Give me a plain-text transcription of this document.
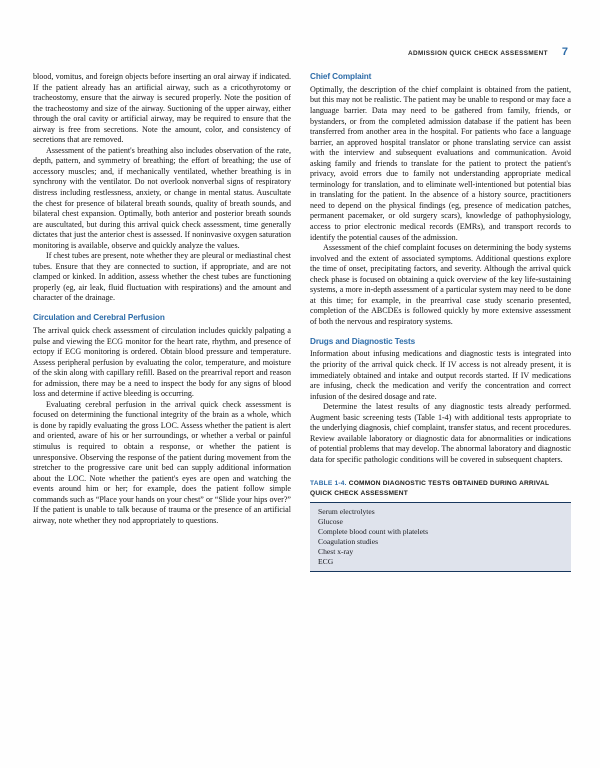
ADMISSION QUICK CHECK ASSESSMENT 7

blood, vomitus, and foreign objects before inserting an oral airway if indicated. If the patient already has an artificial airway, such as a cricothyrotomy or tracheostomy, ensure that the airway is secured properly. Note the position of the tracheostomy and size of the airway. Suctioning of the upper airway, either through the oral cavity or artificial airway, may be required to ensure that the airway is free from secretions. Note the amount, color, and consistency of secretions that are removed.

Assessment of the patient's breathing also includes observation of the rate, depth, pattern, and symmetry of breathing; the effort of breathing; the use of accessory muscles; and, if mechanically ventilated, whether breathing is in synchrony with the ventilator. Do not overlook nonverbal signs of respiratory distress including restlessness, anxiety, or change in mental status. Auscultate the chest for presence of bilateral breath sounds, quality of breath sounds, and bilateral chest expansion. Optimally, both anterior and posterior breath sounds are auscultated, but during this arrival quick check assessment, time generally dictates that just the anterior chest is assessed. If noninvasive oxygen saturation monitoring is available, observe and quickly analyze the values.

If chest tubes are present, note whether they are pleural or mediastinal chest tubes. Ensure that they are connected to suction, if appropriate, and are not clamped or kinked. In addition, assess whether the chest tubes are functioning properly (eg, air leak, fluid fluctuation with respirations) and the amount and character of the drainage.

Circulation and Cerebral Perfusion

The arrival quick check assessment of circulation includes quickly palpating a pulse and viewing the ECG monitor for the heart rate, rhythm, and presence of ectopy if ECG monitoring is ordered. Obtain blood pressure and temperature. Assess peripheral perfusion by evaluating the color, temperature, and moisture of the skin along with capillary refill. Based on the prearrival report and reason for admission, there may be a need to inspect the body for any signs of blood loss and determine if active bleeding is occurring.

Evaluating cerebral perfusion in the arrival quick check assessment is focused on determining the functional integrity of the brain as a whole, which is done by rapidly evaluating the gross LOC. Assess whether the patient is alert and oriented, aware of his or her surroundings, or whether a verbal or painful stimulus is required to obtain a response, or whether the patient is unresponsive. Observing the response of the patient during movement from the stretcher to the progressive care unit bed can supply additional information about the LOC. Note whether the patient's eyes are open and watching the events around him or her; for example, does the patient follow simple commands such as “Place your hands on your chest” or “Slide your hips over?” If the patient is unable to talk because of trauma or the presence of an artificial airway, note whether they nod appropriately to questions.

Chief Complaint

Optimally, the description of the chief complaint is obtained from the patient, but this may not be realistic. The patient may be unable to respond or may face a language barrier. Data may need to be gathered from family, friends, or bystanders, or from the completed admission database if the patient has been transferred from another area in the hospital. For patients who face a language barrier, an approved hospital translator or phone translating service can assist with the interview and subsequent evaluations and communication. Avoid asking family and friends to translate for the patient to protect the patient's privacy, avoid errors due to family not understanding appropriate medical terminology for translation, and to eliminate well-intentioned but potential bias in translating for the patient. In the absence of a history source, practitioners need to depend on the physical findings (eg, presence of medication patches, permanent pacemaker, or old surgery scars), knowledge of pathophysiology, access to prior electronic medical records (EMRs), and transport records to identify the potential causes of the admission.

Assessment of the chief complaint focuses on determining the body systems involved and the extent of associated symptoms. Additional questions explore the time of onset, precipitating factors, and severity. Although the arrival quick check phase is focused on obtaining a quick overview of the key life-sustaining systems, a more in-depth assessment of a particular system may need to be done at this time; for example, in the prearrival case study scenario presented, completion of the ABCDEs is followed quickly by more extensive assessment of both the nervous and respiratory systems.

Drugs and Diagnostic Tests

Information about infusing medications and diagnostic tests is integrated into the priority of the arrival quick check. If IV access is not already present, it is immediately obtained and intake and output records started. If IV medications are infusing, check the medication and verify the concentration and correct infusion of the desired dosage and rate.

Determine the latest results of any diagnostic tests already performed. Augment basic screening tests (Table 1-4) with additional tests appropriate to the underlying diagnosis, chief complaint, transfer status, and recent procedures. Review available laboratory or diagnostic data for abnormalities or indications of potential problems that may develop. The abnormal laboratory and diagnostic data for specific pathologic conditions will be covered in subsequent chapters.

TABLE 1-4. COMMON DIAGNOSTIC TESTS OBTAINED DURING ARRIVAL QUICK CHECK ASSESSMENT
Serum electrolytes
Glucose
Complete blood count with platelets
Coagulation studies
Chest x-ray
ECG
